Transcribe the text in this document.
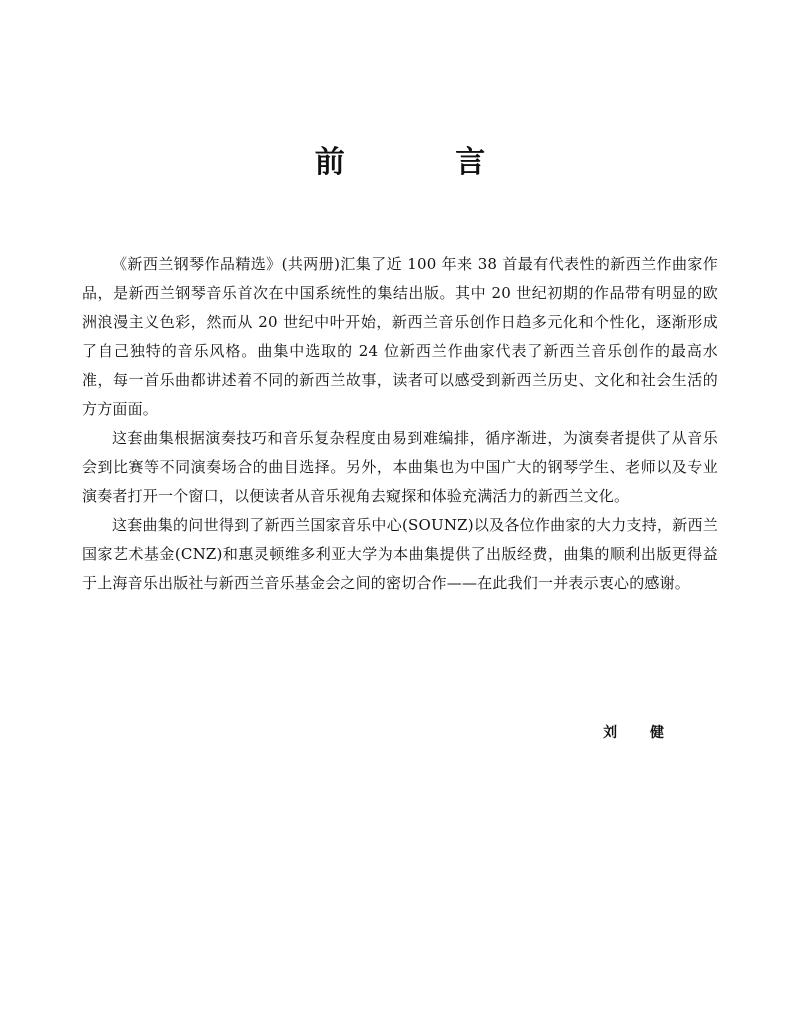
前 言

《新西兰钢琴作品精选》(共两册)汇集了近 100 年来 38 首最有代表性的新西兰作曲家作品，是新西兰钢琴音乐首次在中国系统性的集结出版。其中 20 世纪初期的作品带有明显的欧洲浪漫主义色彩，然而从 20 世纪中叶开始，新西兰音乐创作日趋多元化和个性化，逐渐形成了自己独特的音乐风格。曲集中选取的 24 位新西兰作曲家代表了新西兰音乐创作的最高水准，每一首乐曲都讲述着不同的新西兰故事，读者可以感受到新西兰历史、文化和社会生活的方方面面。

这套曲集根据演奏技巧和音乐复杂程度由易到难编排，循序渐进，为演奏者提供了从音乐会到比赛等不同演奏场合的曲目选择。另外，本曲集也为中国广大的钢琴学生、老师以及专业演奏者打开一个窗口，以便读者从音乐视角去窥探和体验充满活力的新西兰文化。

这套曲集的问世得到了新西兰国家音乐中心(SOUNZ)以及各位作曲家的大力支持，新西兰国家艺术基金(CNZ)和惠灵顿维多利亚大学为本曲集提供了出版经费，曲集的顺利出版更得益于上海音乐出版社与新西兰音乐基金会之间的密切合作——在此我们一并表示衷心的感谢。

刘 健
